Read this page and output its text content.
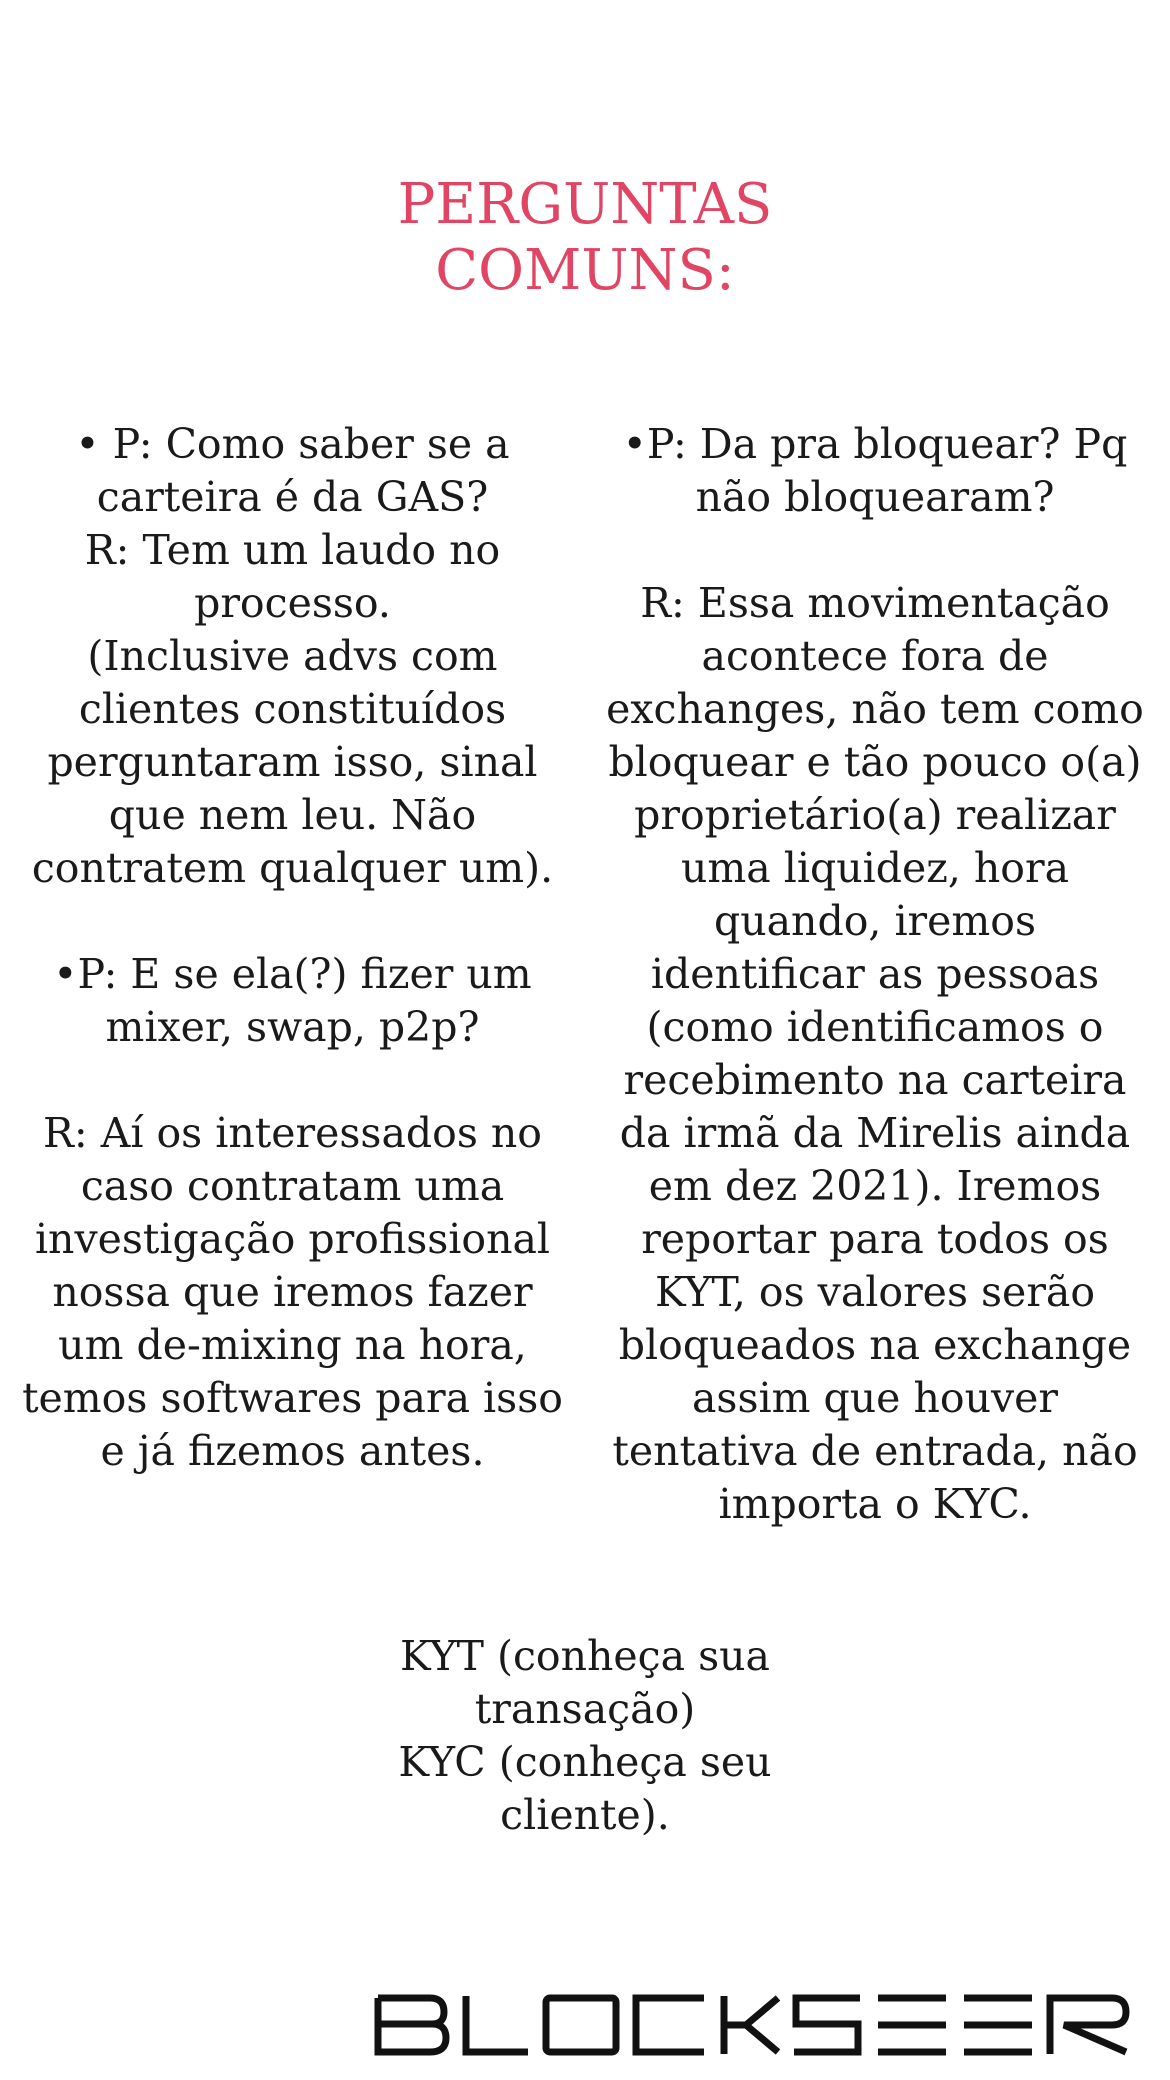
PERGUNTAS
COMUNS:
• P: Como saber se a
carteira é da GAS?
R: Tem um laudo no
processo.
(Inclusive advs com
clientes constituídos
perguntaram isso, sinal
que nem leu. Não
contratem qualquer um).
•P: E se ela(?) fizer um
mixer, swap, p2p?
R: Aí os interessados no
caso contratam uma
investigação profissional
nossa que iremos fazer
um de-mixing na hora,
temos softwares para isso
e já fizemos antes.
•P: Da pra bloquear? Pq
não bloquearam?
R: Essa movimentação
acontece fora de
exchanges, não tem como
bloquear e tão pouco o(a)
proprietário(a) realizar
uma liquidez, hora
quando, iremos
identificar as pessoas
(como identificamos o
recebimento na carteira
da irmã da Mirelis ainda
em dez 2021). Iremos
reportar para todos os
KYT, os valores serão
bloqueados na exchange
assim que houver
tentativa de entrada, não
importa o KYC.
KYT (conheça sua
transação)
KYC (conheça seu
cliente).
